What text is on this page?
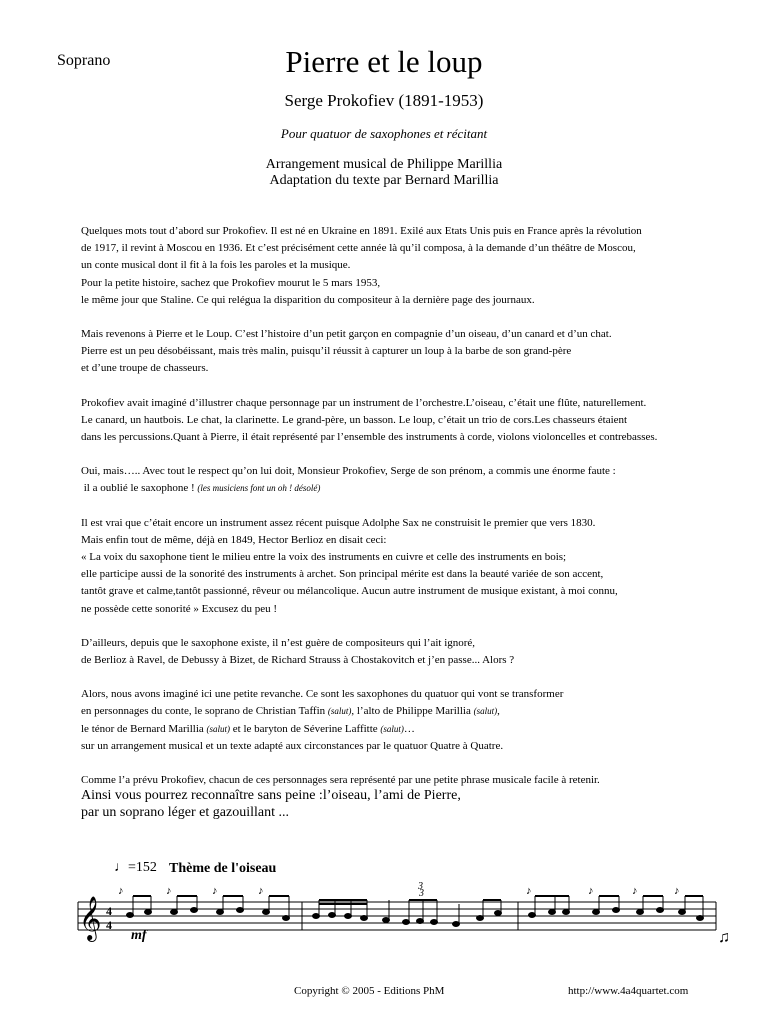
Soprano	Pierre et le loup
Serge Prokofiev (1891-1953)
Pour quatuor de saxophones et récitant
Arrangement musical de Philippe Marillia
Adaptation du texte par Bernard Marillia

Quelques mots tout d’abord sur Prokofiev. Il est né en Ukraine en 1891. Exilé aux Etats Unis puis en France après la révolution
de 1917, il revint à Moscou en 1936. Et c’est précisément cette année là qu’il composa, à la demande d’un théâtre de Moscou,
un conte musical dont il fit à la fois les paroles et la musique.
Pour la petite histoire, sachez que Prokofiev mourut le 5 mars 1953,
le même jour que Staline. Ce qui relégua la disparition du compositeur à la dernière page des journaux.

Mais revenons à Pierre et le Loup. C’est l’histoire d’un petit garçon en compagnie d’un oiseau, d’un canard et d’un chat.
Pierre est un peu désobéissant, mais très malin, puisqu’il réussit à capturer un loup à la barbe de son grand-père
et d’une troupe de chasseurs.

Prokofiev avait imaginé d’illustrer chaque personnage par un instrument de l’orchestre.L’oiseau, c’était une flûte, naturellement.
Le canard, un hautbois. Le chat, la clarinette. Le grand-père, un basson. Le loup, c’était un trio de cors.Les chasseurs étaient
dans les percussions.Quant à Pierre, il était représenté par l’ensemble des instruments à corde, violons violoncelles et contrebasses.

Oui, mais….. Avec tout le respect qu’on lui doit, Monsieur Prokofiev, Serge de son prénom, a commis une énorme faute :
il a oublié le saxophone ! (les musiciens font un oh ! désolé)

Il est vrai que c’était encore un instrument assez récent puisque Adolphe Sax ne construisit le premier que vers 1830.
Mais enfin tout de même, déjà en 1849, Hector Berlioz en disait ceci:
« La voix du saxophone tient le milieu entre la voix des instruments en cuivre et celle des instruments en bois;
elle participe aussi de la sonorité des instruments à archet. Son principal mérite est dans la beauté variée de son accent,
tantôt grave et calme,tantôt passionné, rêveur ou mélancolique. Aucun autre instrument de musique existant, à moi connu,
ne possède cette sonorité » Excusez du peu !

D’ailleurs, depuis que le saxophone existe, il n’est guère de compositeurs qui l’ait ignoré,
de Berlioz à Ravel, de Debussy à Bizet, de Richard Strauss à Chostakovitch et j’en passe... Alors ?

Alors, nous avons imaginé ici une petite revanche. Ce sont les saxophones du quatuor qui vont se transformer
en personnages du conte, le soprano de Christian Taffin (salut), l’alto de Philippe Marillia (salut),
le ténor de Bernard Marillia (salut) et le baryton de Séverine Laffitte (salut)…
sur un arrangement musical et un texte adapté aux circonstances par le quatuor Quatre à Quatre.

Comme l’a prévu Prokofiev, chacun de ces personnages sera représenté par une petite phrase musicale facile à retenir.

Ainsi vous pourrez reconnaître sans peine :l’oiseau, l’ami de Pierre,
par un soprano léger et gazouillant ...
♩=152 Thème de l'oiseau
𝄞 4
4
3
♪	♪	♪	♪	♪	♪	♪	♪
3
♫
mf
Copyright © 2005 - Editions PhM	http://www.4a4quartet.com
